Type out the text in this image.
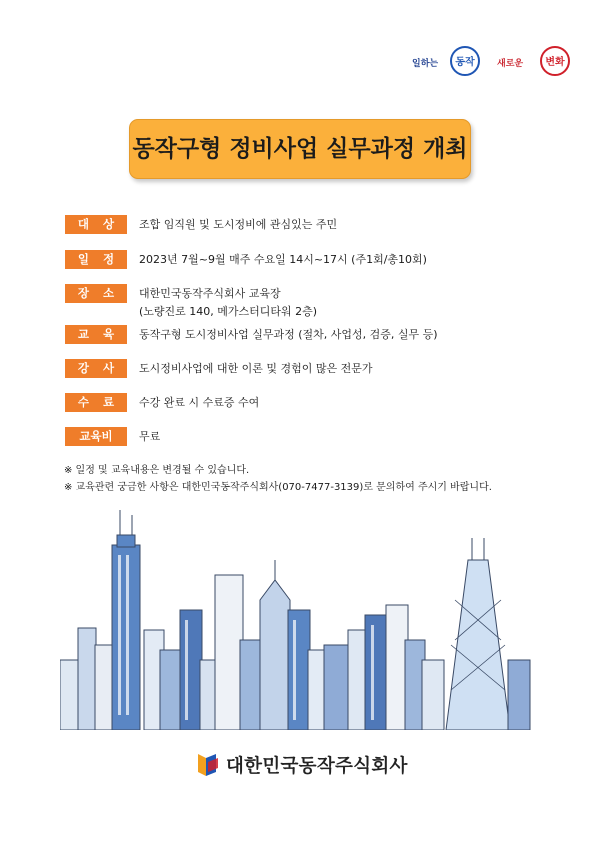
일하는	동작	새로운	변화
동작구형 정비사업 실무과정 개최
대 상	조합 임직원 및 도시정비에 관심있는 주민
일 정	2023년 7월~9월 매주 수요일 14시~17시 (주1회/총10회)
장 소	대한민국동작주식회사 교육장
(노량진로 140, 메가스터디타워 2층)
교 육	동작구형 도시정비사업 실무과정 (절차, 사업성, 검증, 실무 등)
강 사	도시정비사업에 대한 이론 및 경험이 많은 전문가
수 료	수강 완료 시 수료증 수여
교육비	무료
※ 일정 및 교육내용은 변경될 수 있습니다.
※ 교육관련 궁금한 사항은 대한민국동작주식회사(070-7477-3139)로 문의하여 주시기 바랍니다.
대한민국동작주식회사
